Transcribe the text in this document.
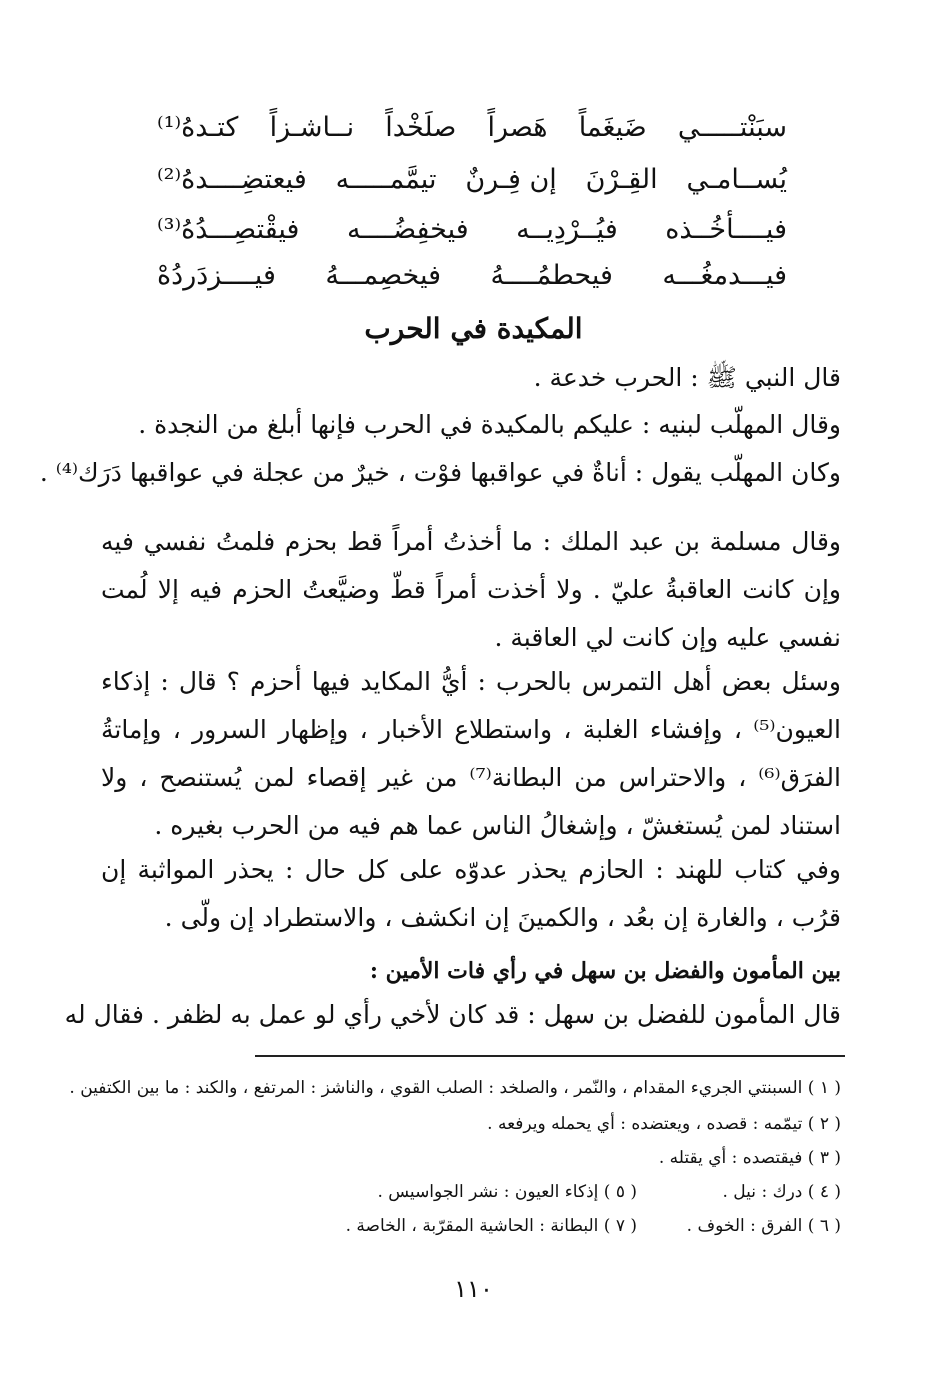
سبَنْتـــــي
ضَيغَماً
هَصراً
صلَخْداً
نــاشـزاً
كتـدهُ⁽¹⁾
يُســامـي
القِـرْنَ
إن فِـرنٌ
تيمَّمـــــه
فيعتضِــــدهُ⁽²⁾
فيــــأخُــذه
فيُــرْدِيــه
فيخفِضُــــه
فيقْتصِـــدُهُ⁽³⁾
فيـــدمغُـــه
فيحطمُــــهُ
فيخصِمـــهُ
فيــــزدَردُهْ
المكيدة في الحرب
قال النبي ﷺ : الحرب خدعة .
وقال المهلّب لبنيه : عليكم بالمكيدة في الحرب فإنها أبلغ من النجدة .
وكان المهلّب يقول : أناةٌ في عواقبها فوْت ، خيرٌ من عجلة في عواقبها دَرَك⁽⁴⁾ .
وقال مسلمة بن عبد الملك : ما أخذتُ أمراً قط بحزم فلمتُ نفسي فيه وإن كانت العاقبةُ عليّ . ولا أخذت أمراً قطّ وضيَّعتُ الحزم فيه إلا لُمت نفسي عليه وإن كانت لي العاقبة .
وسئل بعض أهل التمرس بالحرب : أيُّ المكايد فيها أحزم ؟ قال : إذكاء العيون⁽⁵⁾ ، وإفشاء الغلبة ، واستطلاع الأخبار ، وإظهار السرور ، وإماتةُ الفرَق⁽⁶⁾ ، والاحتراس من البطانة⁽⁷⁾ من غير إقصاء لمن يُستنصح ، ولا استناد لمن يُستغشّ ، وإشغالُ الناس عما هم فيه من الحرب بغيره .
وفي كتاب للهند : الحازم يحذر عدوّه على كل حال : يحذر المواثبة إن قرُب ، والغارة إن بعُد ، والكمينَ إن انكشف ، والاستطراد إن ولّى .
بين المأمون والفضل بن سهل في رأي فات الأمين :
قال المأمون للفضل بن سهل : قد كان لأخي رأي لو عمل به لظفر . فقال له
( ١ ) السبنتي الجريء المقدام ، والنّمر ، والصلخد : الصلب القوي ، والناشز : المرتفع ، والكند : ما بين الكتفين .
( ٢ ) تيمّمه : قصده ، ويعتضده : أي يحمله ويرفعه .
( ٣ ) فيقتصده : أي يقتله .
( ٤ ) درك : نيل .
( ٥ ) إذكاء العيون : نشر الجواسيس .
( ٦ ) الفرق : الخوف .
( ٧ ) البطانة : الحاشية المقرّبة ، الخاصة .
١١٠
